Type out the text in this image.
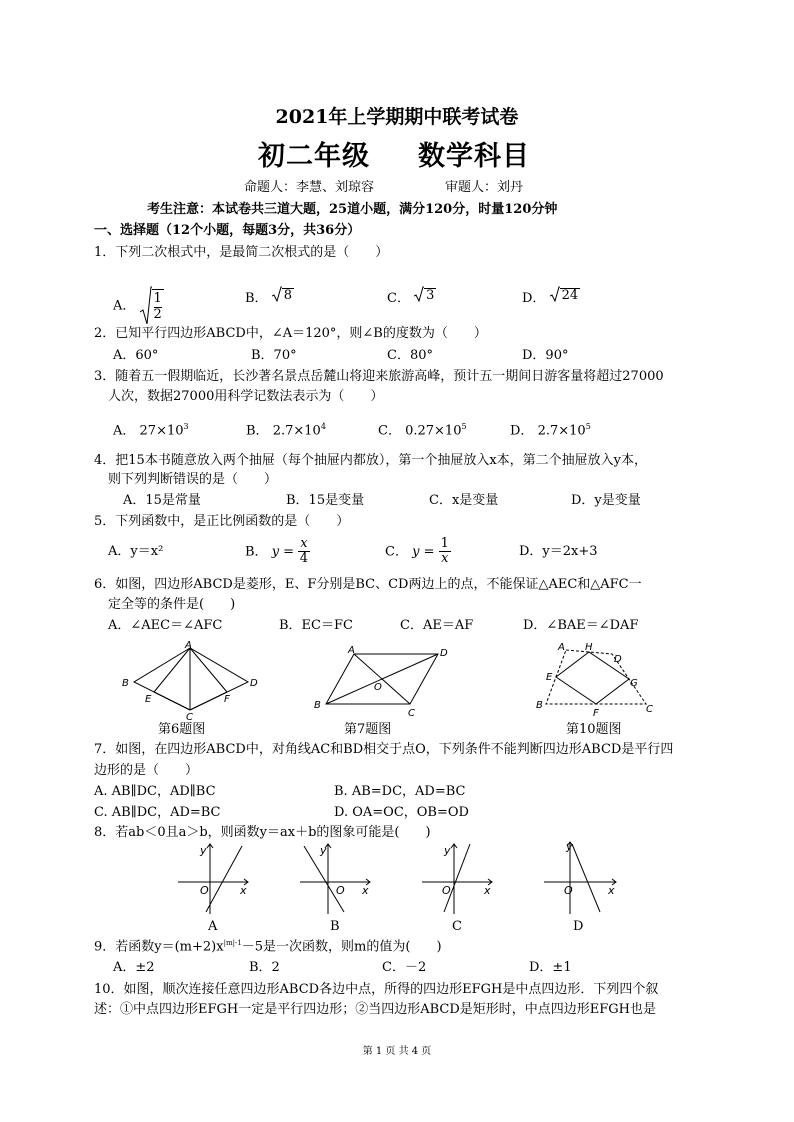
2021年上学期期中联考试卷
初二年级 数学科目
命题人：李慧、刘琼容	审题人：刘丹
考生注意：本试卷共三道大题，25道小题，满分120分，时量120分钟
一、选择题（12个小题，每题3分，共36分）
1．下列二次根式中，是最简二次根式的是（　　）
A． 1
2
B． 8	C． 3	D． 24
2．已知平行四边形ABCD中，∠A＝120°，则∠B的度数为（　　）
A．60°	B．70°	C．80°	D．90°
3．随着五一假期临近，长沙著名景点岳麓山将迎来旅游高峰，预计五一期间日游客量将超过27000
人次，数据27000用科学记数法表示为（　　）
A． $27\times 10^3$	B． $2.7\times 10^4$	C． $0.27\times 10^5$	D． $2.7\times 10^5$
4．把15本书随意放入两个抽屉（每个抽屉内都放），第一个抽屉放入x本，第二个抽屉放入y本，
则下列判断错误的是（　　）
A．15是常量	B．15是变量	C．x是变量	D．y是变量
5．下列函数中，是正比例函数的是（　　）
A．y＝x²	B． $y = \frac{x}{4}$	C． $y = \frac{1}{x}$	D．y＝2x+3
6．如图，四边形ABCD是菱形，E、F分别是BC、CD两边上的点，不能保证△AEC和△AFC一
定全等的条件是(　　)
A．∠AEC＝∠AFC	B．EC＝FC	C．AE＝AF	D．∠BAE＝∠DAF
A
B
E
C
F
D
第6题图
A	D
B
C
O
第7题图
A H
D
E
G
B
F	C
第10题图
7．如图，在四边形ABCD中，对角线AC和BD相交于点O，下列条件不能判断四边形ABCD是平行四
边形的是（　　）
A. AB∥DC，AD∥BC	B. AB=DC，AD=BC
C. AB∥DC，AD=BC	D. OA=OC，OB=OD
8．若ab＜0且a＞b，则函数y＝ax＋b的图象可能是(　　)
y
O	x
y
O x
y
O	x
y
O	x
A	B	C	D
9．若函数$y=(m+2)x^{|m|-1}-5$是一次函数，则m的值为(　　)
A．±2	B．2	C．－2	D．±1
10．如图，顺次连接任意四边形ABCD各边中点，所得的四边形EFGH是中点四边形．下列四个叙
述：①中点四边形EFGH一定是平行四边形；②当四边形ABCD是矩形时，中点四边形EFGH也是
第 1 页 共 4 页
